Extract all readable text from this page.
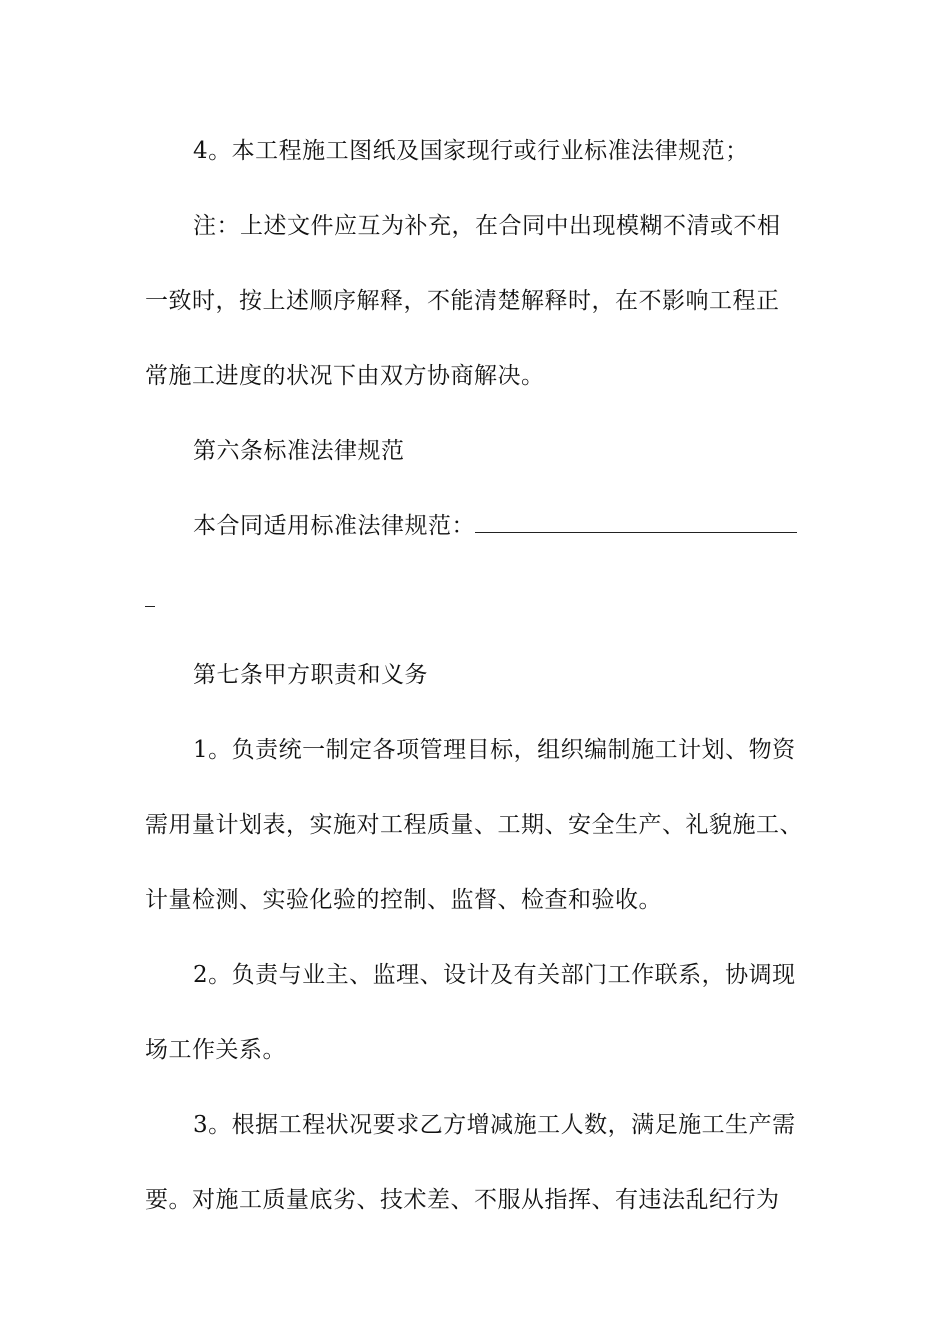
4。本工程施工图纸及国家现行或行业标准法律规范；
注：上述文件应互为补充，在合同中出现模糊不清或不相
一致时，按上述顺序解释，不能清楚解释时，在不影响工程正
常施工进度的状况下由双方协商解决。
第六条标准法律规范
本合同适用标准法律规范：
第七条甲方职责和义务
1。负责统一制定各项管理目标，组织编制施工计划、物资
需用量计划表，实施对工程质量、工期、安全生产、礼貌施工、
计量检测、实验化验的控制、监督、检查和验收。
2。负责与业主、监理、设计及有关部门工作联系，协调现
场工作关系。
3。根据工程状况要求乙方增减施工人数，满足施工生产需
要。对施工质量底劣、技术差、不服从指挥、有违法乱纪行为
